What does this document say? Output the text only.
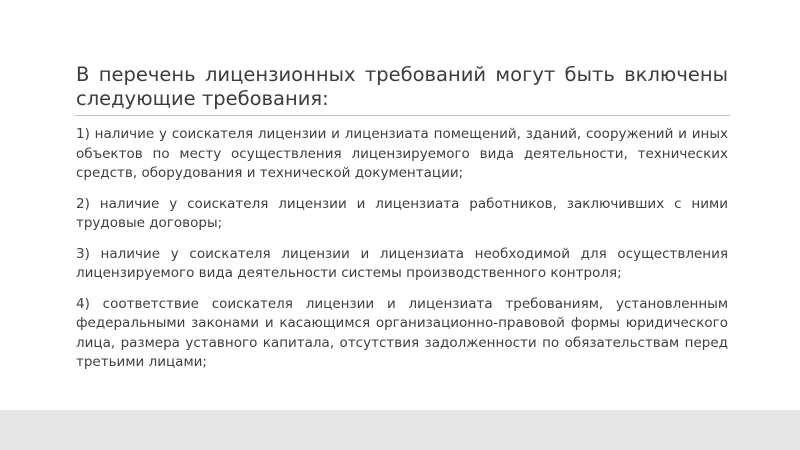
В перечень лицензионных требований могут быть включены следующие требования:

1) наличие у соискателя лицензии и лицензиата помещений, зданий, сооружений и иных объектов по месту осуществления лицензируемого вида деятельности, технических средств, оборудования и технической документации;

2) наличие у соискателя лицензии и лицензиата работников, заключивших с ними трудовые договоры;

3) наличие у соискателя лицензии и лицензиата необходимой для осуществления лицензируемого вида деятельности системы производственного контроля;

4) соответствие соискателя лицензии и лицензиата требованиям, установленным федеральными законами и касающимся организационно-правовой формы юридического лица, размера уставного капитала, отсутствия задолженности по обязательствам перед третьими лицами;
